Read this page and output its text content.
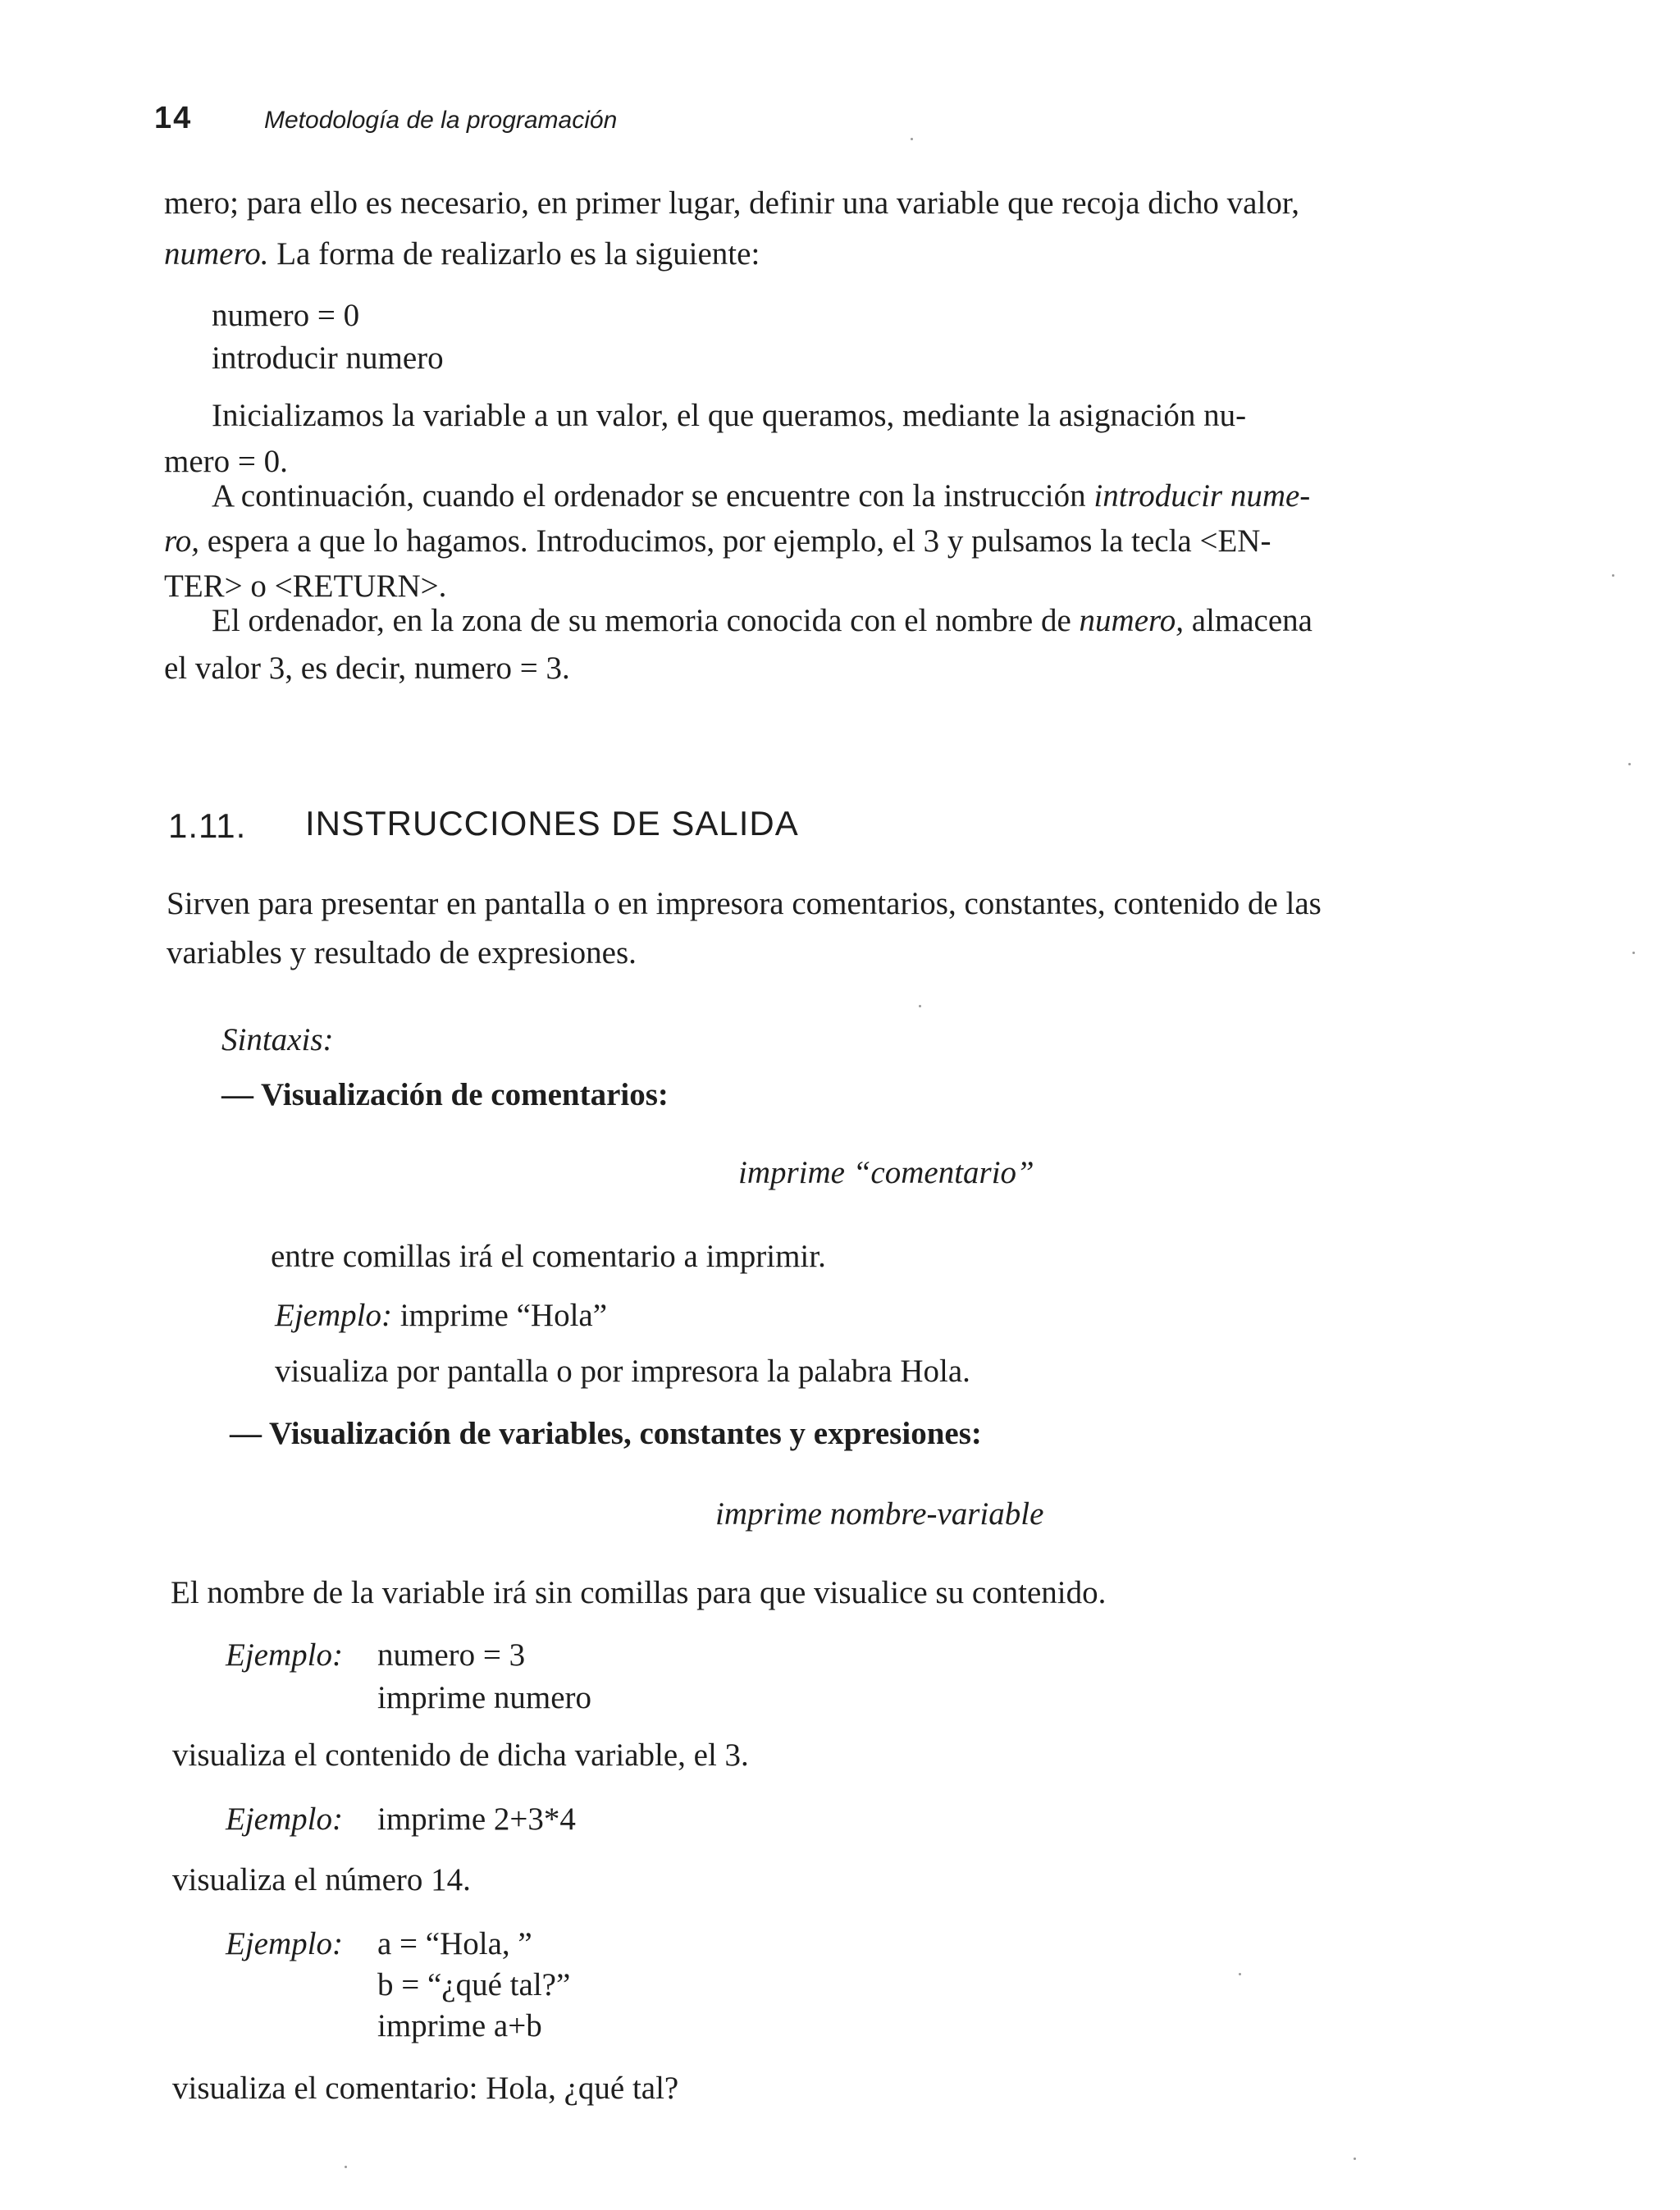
14	Metodología de la programación
mero; para ello es necesario, en primer lugar, definir una variable que recoja dicho valor,
numero. La forma de realizarlo es la siguiente:
numero = 0
introducir numero
Inicializamos la variable a un valor, el que queramos, mediante la asignación nu-
mero = 0.
A continuación, cuando el ordenador se encuentre con la instrucción introducir nume-
ro, espera a que lo hagamos. Introducimos, por ejemplo, el 3 y pulsamos la tecla <EN-
TER> o <RETURN>.
El ordenador, en la zona de su memoria conocida con el nombre de numero, almacena
el valor 3, es decir, numero = 3.
1.11. INSTRUCCIONES DE SALIDA
Sirven para presentar en pantalla o en impresora comentarios, constantes, contenido de las
variables y resultado de expresiones.
Sintaxis:
— Visualización de comentarios:
imprime “comentario”
entre comillas irá el comentario a imprimir.
Ejemplo: imprime “Hola”
visualiza por pantalla o por impresora la palabra Hola.
— Visualización de variables, constantes y expresiones:
imprime nombre-variable
El nombre de la variable irá sin comillas para que visualice su contenido.
Ejemplo: numero = 3
imprime numero
visualiza el contenido de dicha variable, el 3.
Ejemplo: imprime 2+3*4
visualiza el número 14.
Ejemplo: a = “Hola, ”
b = “¿qué tal?”
imprime a+b
visualiza el comentario: Hola, ¿qué tal?
